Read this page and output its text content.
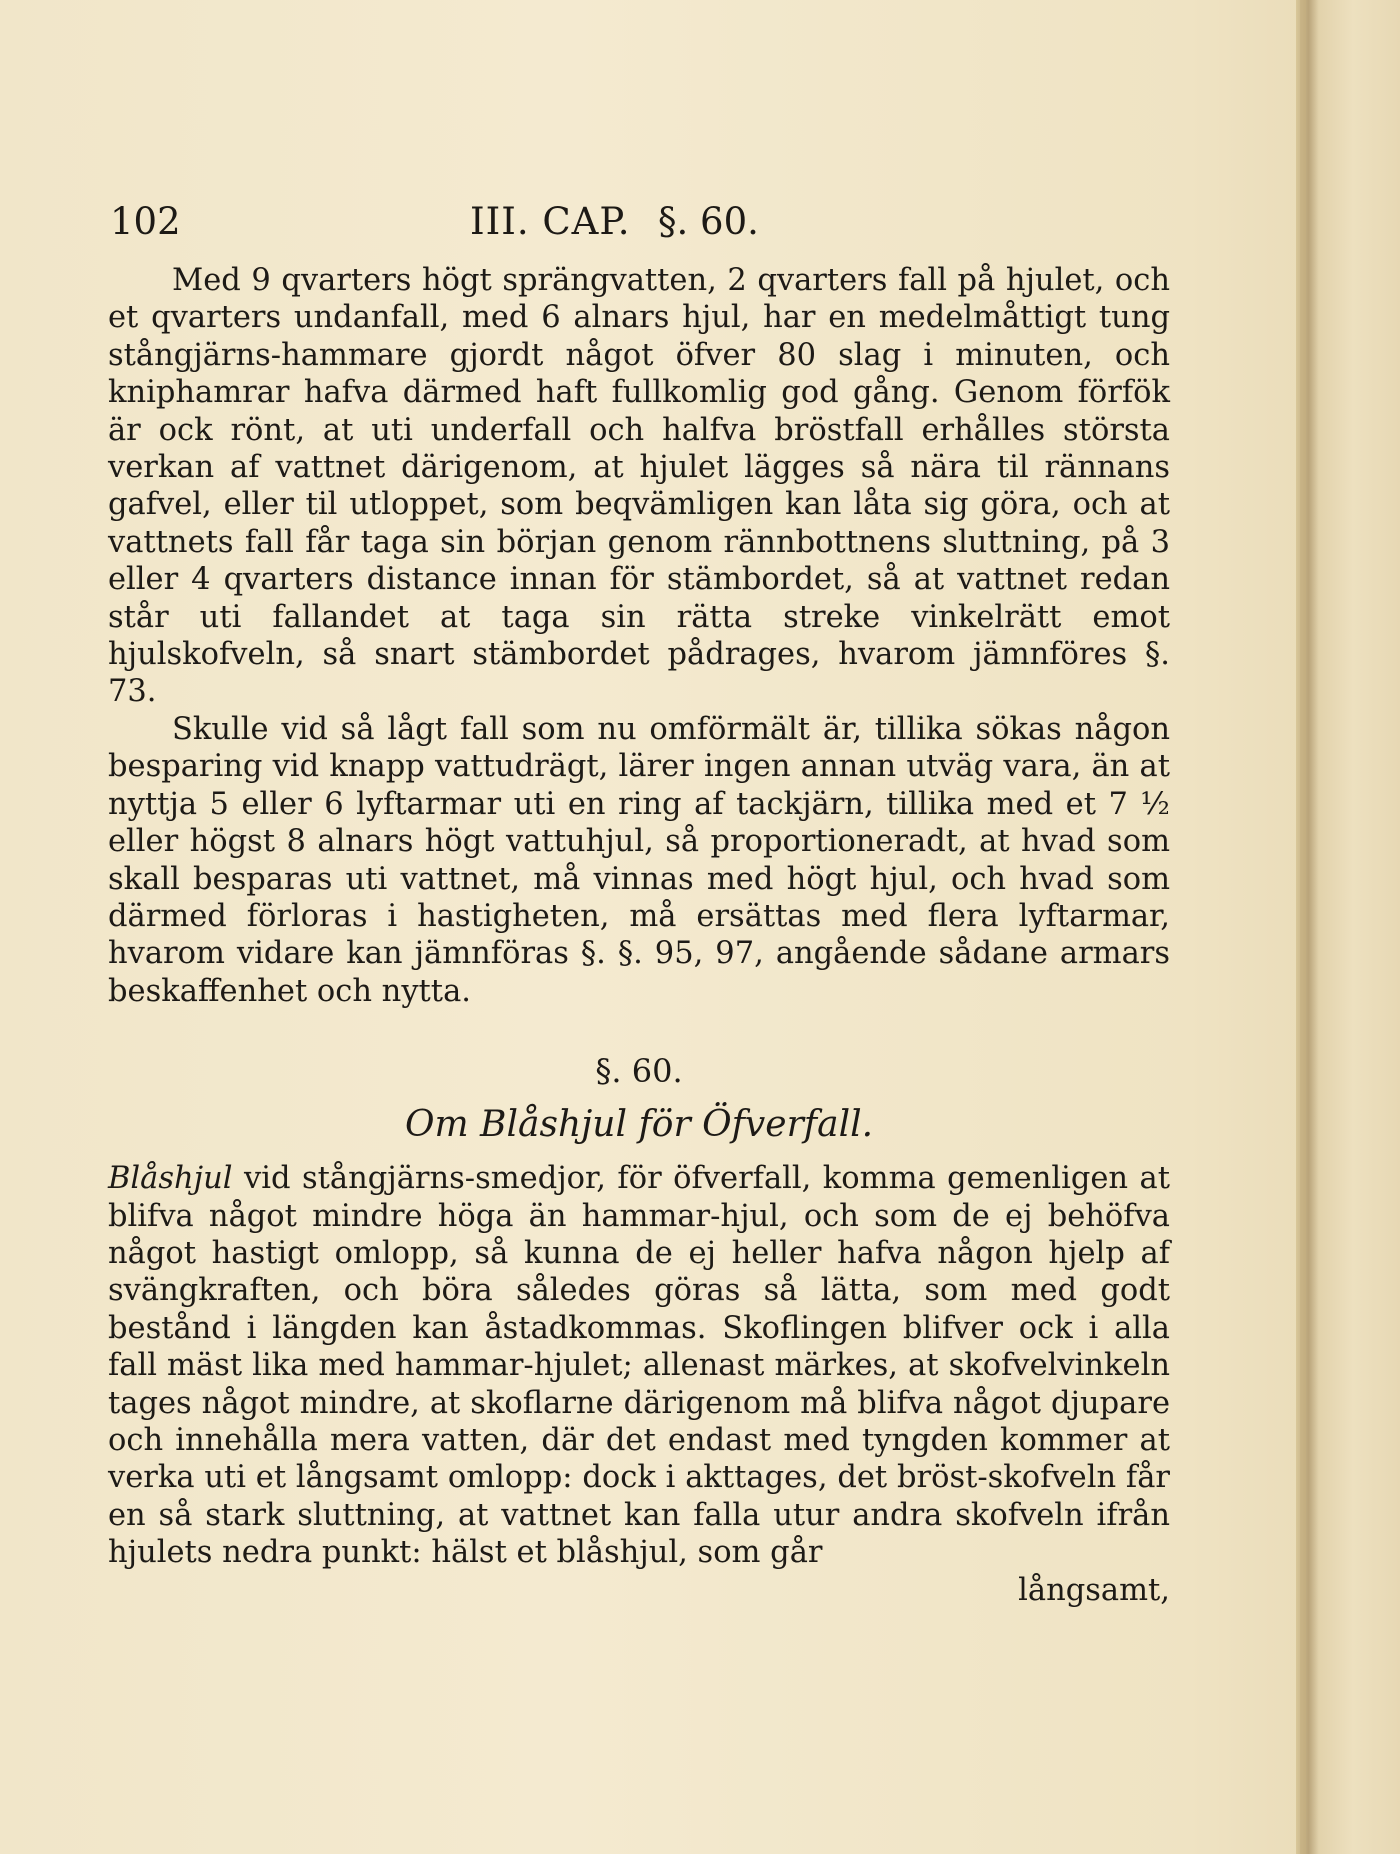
102	III. CAP. §. 60.

Med 9 qvarters högt sprängvatten, 2 qvarters fall på hjulet, och et qvarters undanfall, med 6 alnars hjul, har en medelmåttigt tung stångjärns-hammare gjordt något öfver 80 slag i minuten, och kniphamrar hafva därmed haft fullkomlig god gång. Genom förfök är ock rönt, at uti underfall och halfva bröstfall erhålles största verkan af vattnet därigenom, at hjulet lägges så nära til rännans gafvel, eller til utloppet, som beqvämligen kan låta sig göra, och at vattnets fall får taga sin början genom rännbottnens sluttning, på 3 eller 4 qvarters distance innan för stämbordet, så at vattnet redan står uti fallandet at taga sin rätta streke vinkelrätt emot hjulskofveln, så snart stämbordet pådrages, hvarom jämnföres §. 73.

Skulle vid så lågt fall som nu omförmält är, tillika sökas någon besparing vid knapp vattudrägt, lärer ingen annan utväg vara, än at nyttja 5 eller 6 lyftarmar uti en ring af tackjärn, tillika med et 7 ½ eller högst 8 alnars högt vattuhjul, så proportioneradt, at hvad som skall besparas uti vattnet, må vinnas med högt hjul, och hvad som därmed förloras i hastigheten, må ersättas med flera lyftarmar, hvarom vidare kan jämnföras §. §. 95, 97, angående sådane armars beskaffenhet och nytta.

§. 60.

Om Blåshjul för Öfverfall.

Blåshjul vid stångjärns-smedjor, för öfverfall, komma gemenligen at blifva något mindre höga än hammar-hjul, och som de ej behöfva något hastigt omlopp, så kunna de ej heller hafva någon hjelp af svängkraften, och böra således göras så lätta, som med godt bestånd i längden kan åstadkommas. Skoflingen blifver ock i alla fall mäst lika med hammar-hjulet; allenast märkes, at skofvelvinkeln tages något mindre, at skoflarne därigenom må blifva något djupare och innehålla mera vatten, där det endast med tyngden kommer at verka uti et långsamt omlopp: dock i akttages, det bröst-skofveln får en så stark sluttning, at vattnet kan falla utur andra skofveln ifrån hjulets nedra punkt: hälst et blåshjul, som går

långsamt,
